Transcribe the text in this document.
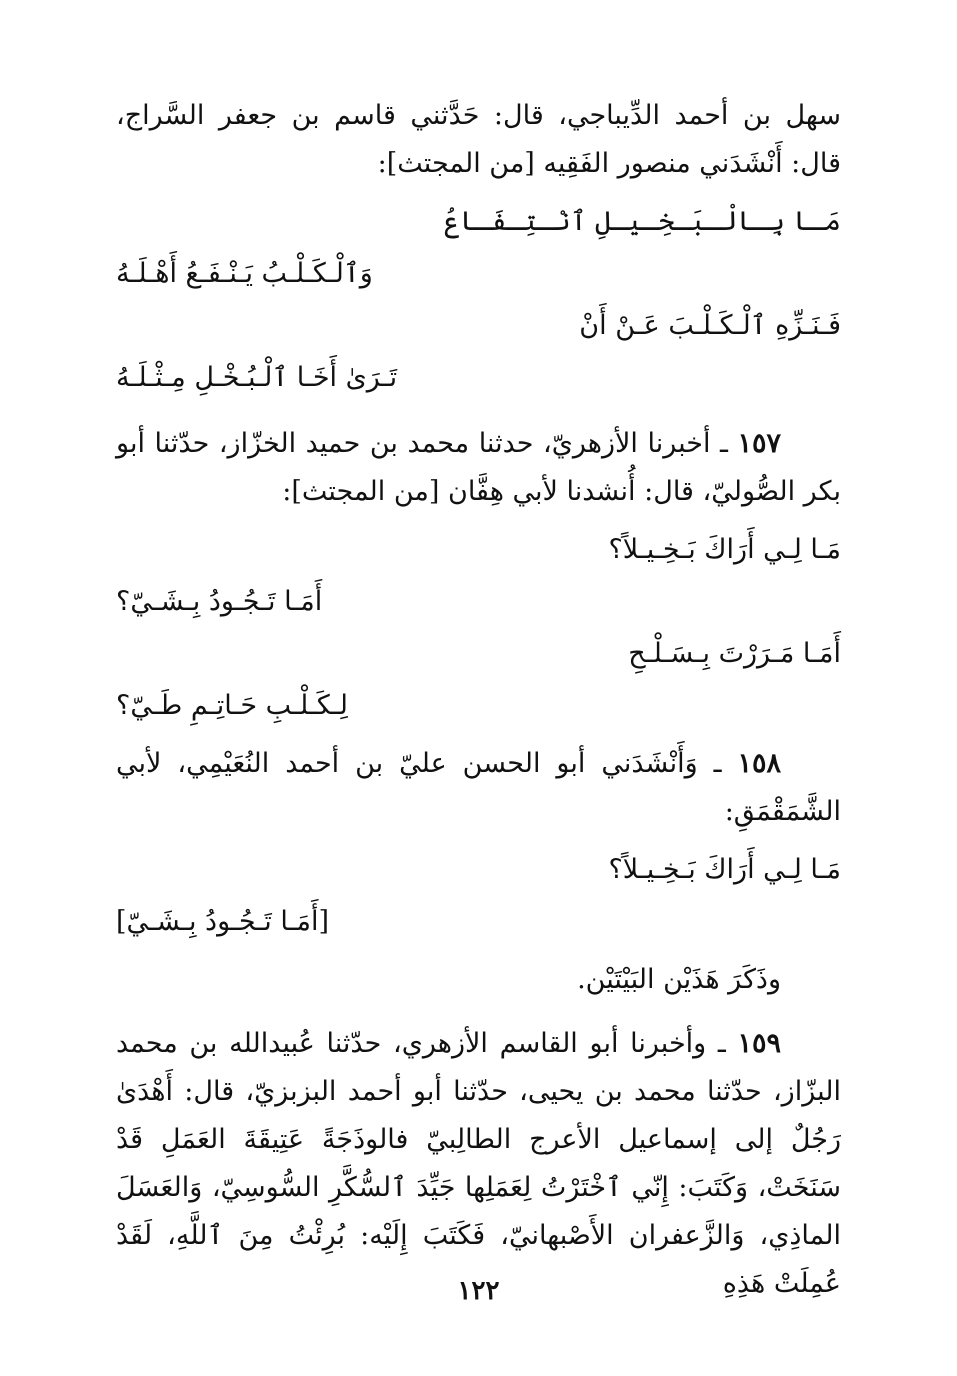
سهل بن أحمد الدِّيباجي، قال: حَدَّثني قاسم بن جعفر السَّراج، قال: أَنْشَدَني منصور الفَقِيه [من المجتث]:

مَـا بِـالْـبَـخِـيـلِ ٱنْـتِـفَـاعُ
وَٱلْـكَـلْـبُ يَـنْـفَـعُ أَهْـلَـهُ
فَـنَـزِّهِ ٱلْـكَـلْـبَ عَـنْ أَنْ
تَـرَىٰ أَخَـا ٱلْـبُـخْـلِ مِـثْـلَـهُ

١٥٧ ـ أخبرنا الأزهريّ، حدثنا محمد بن حميد الخزّاز، حدّثنا أبو بكر الصُّوليّ، قال: أُنشدنا لأبي هِفَّان [من المجتث]:

مَـا لِـي أَرَاكَ بَـخِـيـلاً؟
أَمَـا تَـجُـودُ بِـشَـيّ؟
أَمَـا مَـرَرْتَ بِـسَـلْـحِ
لِـكَـلْـبِ حَـاتِـمِ طَـيّ؟

١٥٨ ـ وَأَنْشَدَني أبو الحسن عليّ بن أحمد النُعَيْمِي، لأبي الشَّمَقْمَقِ:

مَـا لِـي أَرَاكَ بَـخِـيـلاً؟
[أَمَـا تَـجُـودُ بِـشَـيّ]

وذَكَرَ هَذَيْن البَيْتَيْن.

١٥٩ ـ وأخبرنا أبو القاسم الأزهري، حدّثنا عُبيدالله بن محمد البزّاز، حدّثنا محمد بن يحيى، حدّثنا أبو أحمد البزبزيّ، قال: أَهْدَىٰ رَجُلٌ إلى إسماعيل الأعرج الطالِبيّ فالوذَجَةً عَتِيقَةَ العَمَلِ قَدْ سَنَخَتْ، وَكَتَبَ: إِنّي ٱخْتَرْتُ لِعَمَلِها جَيِّدَ ٱلسُّكَّرِ السُّوسِيّ، وَالعَسَلَ الماذِي، وَالزَّعفران الأَصْبهانيّ، فَكَتَبَ إِلَيْه: بُرِئْتُ مِنَ ٱللَّهِ، لَقَدْ عُمِلَتْ هَذِهِ

١٢٢
